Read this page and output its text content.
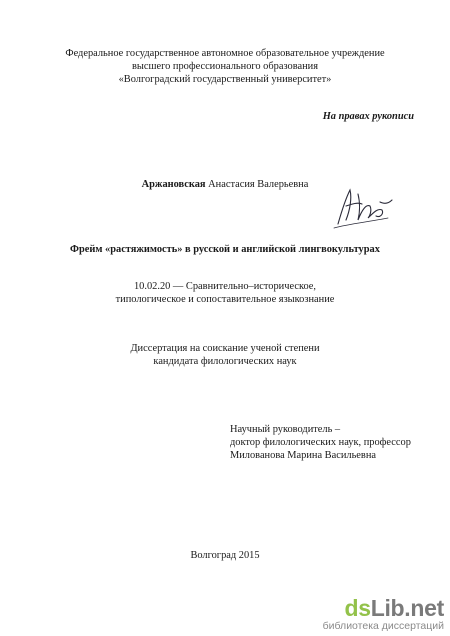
Федеральное государственное автономное образовательное учреждение
высшего профессионального образования
«Волгоградский государственный университет»
На правах рукописи
Аржановская Анастасия Валерьевна
Фрейм «растяжимость» в русской и английской лингвокультурах
10.02.20 — Сравнительно–историческое,
типологическое и сопоставительное языкознание
Диссертация на соискание ученой степени
кандидата филологических наук
Научный руководитель –
доктор филологических наук, профессор
Милованова Марина Васильевна
Волгоград 2015
dsLib.net
библиотека диссертаций
